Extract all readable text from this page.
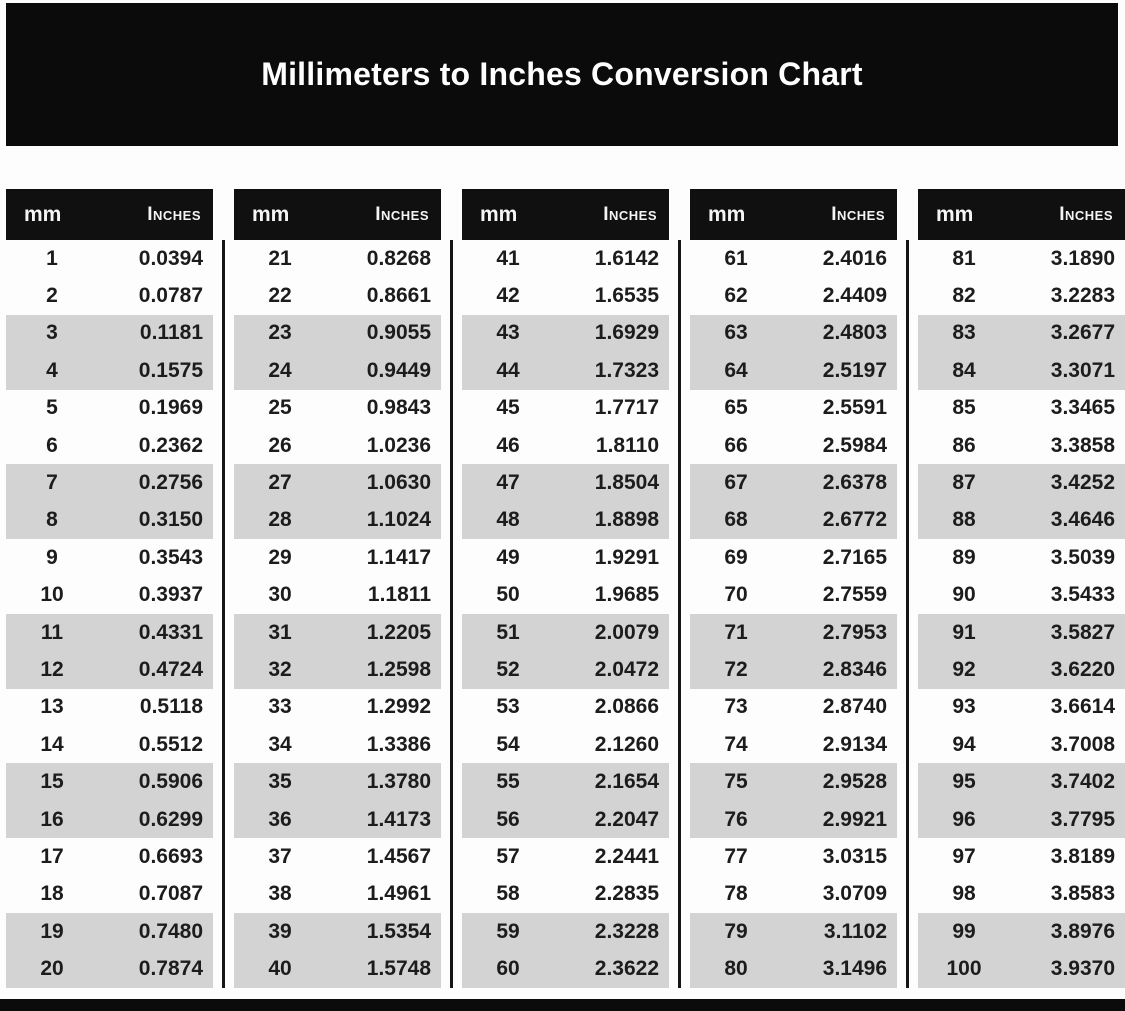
Millimeters to Inches Conversion Chart
mm	Inches
1	0.0394
2	0.0787
3	0.1181
4	0.1575
5	0.1969
6	0.2362
7	0.2756
8	0.3150
9	0.3543
10	0.3937
11	0.4331
12	0.4724
13	0.5118
14	0.5512
15	0.5906
16	0.6299
17	0.6693
18	0.7087
19	0.7480
20	0.7874
mm	Inches
21	0.8268
22	0.8661
23	0.9055
24	0.9449
25	0.9843
26	1.0236
27	1.0630
28	1.1024
29	1.1417
30	1.1811
31	1.2205
32	1.2598
33	1.2992
34	1.3386
35	1.3780
36	1.4173
37	1.4567
38	1.4961
39	1.5354
40	1.5748
mm	Inches
41	1.6142
42	1.6535
43	1.6929
44	1.7323
45	1.7717
46	1.8110
47	1.8504
48	1.8898
49	1.9291
50	1.9685
51	2.0079
52	2.0472
53	2.0866
54	2.1260
55	2.1654
56	2.2047
57	2.2441
58	2.2835
59	2.3228
60	2.3622
mm	Inches
61	2.4016
62	2.4409
63	2.4803
64	2.5197
65	2.5591
66	2.5984
67	2.6378
68	2.6772
69	2.7165
70	2.7559
71	2.7953
72	2.8346
73	2.8740
74	2.9134
75	2.9528
76	2.9921
77	3.0315
78	3.0709
79	3.1102
80	3.1496
mm	Inches
81	3.1890
82	3.2283
83	3.2677
84	3.3071
85	3.3465
86	3.3858
87	3.4252
88	3.4646
89	3.5039
90	3.5433
91	3.5827
92	3.6220
93	3.6614
94	3.7008
95	3.7402
96	3.7795
97	3.8189
98	3.8583
99	3.8976
100	3.9370
